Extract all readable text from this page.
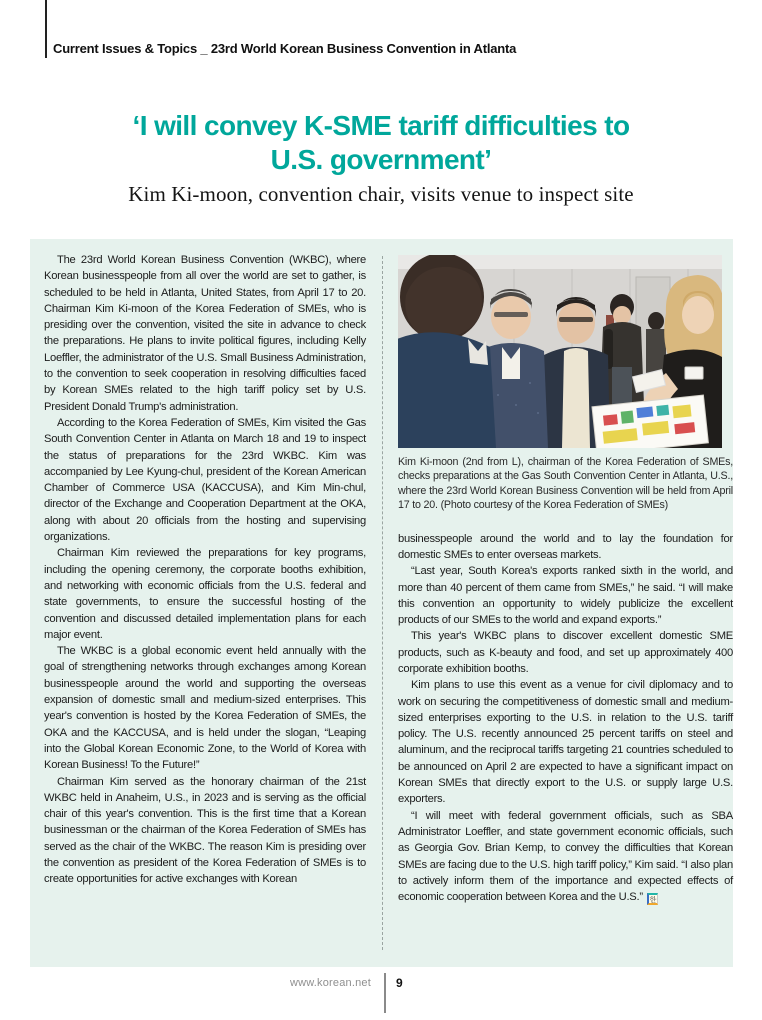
Current Issues & Topics _ 23rd World Korean Business Convention in Atlanta
‘I will convey K-SME tariff difficulties to
U.S. government’
Kim Ki-moon, convention chair, visits venue to inspect site

The 23rd World Korean Business Convention (WKBC), where Korean businesspeople from all over the world are set to gather, is scheduled to be held in Atlanta, United States, from April 17 to 20. Chairman Kim Ki-moon of the Korea Federation of SMEs, who is presiding over the convention, visited the site in advance to check the preparations. He plans to invite political figures, including Kelly Loeffler, the administrator of the U.S. Small Business Administration, to the convention to seek cooperation in resolving difficulties faced by Korean SMEs related to the high tariff policy set by U.S. President Donald Trump's administration.

According to the Korea Federation of SMEs, Kim visited the Gas South Convention Center in Atlanta on March 18 and 19 to inspect the status of preparations for the 23rd WKBC. Kim was accompanied by Lee Kyung-chul, president of the Korean American Chamber of Commerce USA (KACCUSA), and Kim Min-chul, director of the Exchange and Cooperation Department at the OKA, along with about 20 officials from the hosting and supervising organizations.

Chairman Kim reviewed the preparations for key programs, including the opening ceremony, the corporate booths exhibition, and networking with economic officials from the U.S. federal and state governments, to ensure the successful hosting of the convention and discussed detailed implementation plans for each major event.

The WKBC is a global economic event held annually with the goal of strengthening networks through exchanges among Korean businesspeople around the world and supporting the overseas expansion of domestic small and medium-sized enterprises. This year's convention is hosted by the Korea Federation of SMEs, the OKA and the KACCUSA, and is held under the slogan, “Leaping into the Global Korean Economic Zone, to the World of Korea with Korean Business! To the Future!”

Chairman Kim served as the honorary chairman of the 21st WKBC held in Anaheim, U.S., in 2023 and is serving as the official chair of this year's convention. This is the first time that a Korean businessman or the chairman of the Korea Federation of SMEs has served as the chair of the WKBC. The reason Kim is presiding over the convention as president of the Korea Federation of SMEs is to create opportunities for active exchanges with Korean

Kim Ki-moon (2nd from L), chairman of the Korea Federation of SMEs, checks preparations at the Gas South Convention Center in Atlanta, U.S., where the 23rd World Korean Business Convention will be held from April 17 to 20. (Photo courtesy of the Korea Federation of SMEs)

businesspeople around the world and to lay the foundation for domestic SMEs to enter overseas markets.

“Last year, South Korea's exports ranked sixth in the world, and more than 40 percent of them came from SMEs,” he said. “I will make this convention an opportunity to widely publicize the excellent products of our SMEs to the world and expand exports.”

This year's WKBC plans to discover excellent domestic SME products, such as K-beauty and food, and set up approximately 400 corporate exhibition booths.

Kim plans to use this event as a venue for civil diplomacy and to work on securing the competitiveness of domestic small and medium-sized enterprises exporting to the U.S. in relation to the U.S. tariff policy. The U.S. recently announced 25 percent tariffs on steel and aluminum, and the reciprocal tariffs targeting 21 countries scheduled to be announced on April 2 are expected to have a significant impact on Korean SMEs that directly export to the U.S. or supply large U.S. exporters.

“I will meet with federal government officials, such as SBA Administrator Loeffler, and state government economic officials, such as Georgia Gov. Brian Kemp, to convey the difficulties that Korean SMEs are facing due to the U.S. high tariff policy,” Kim said. “I also plan to actively inform them of the importance and expected effects of economic cooperation between Korea and the U.S.” 한

www.korean.net 9
